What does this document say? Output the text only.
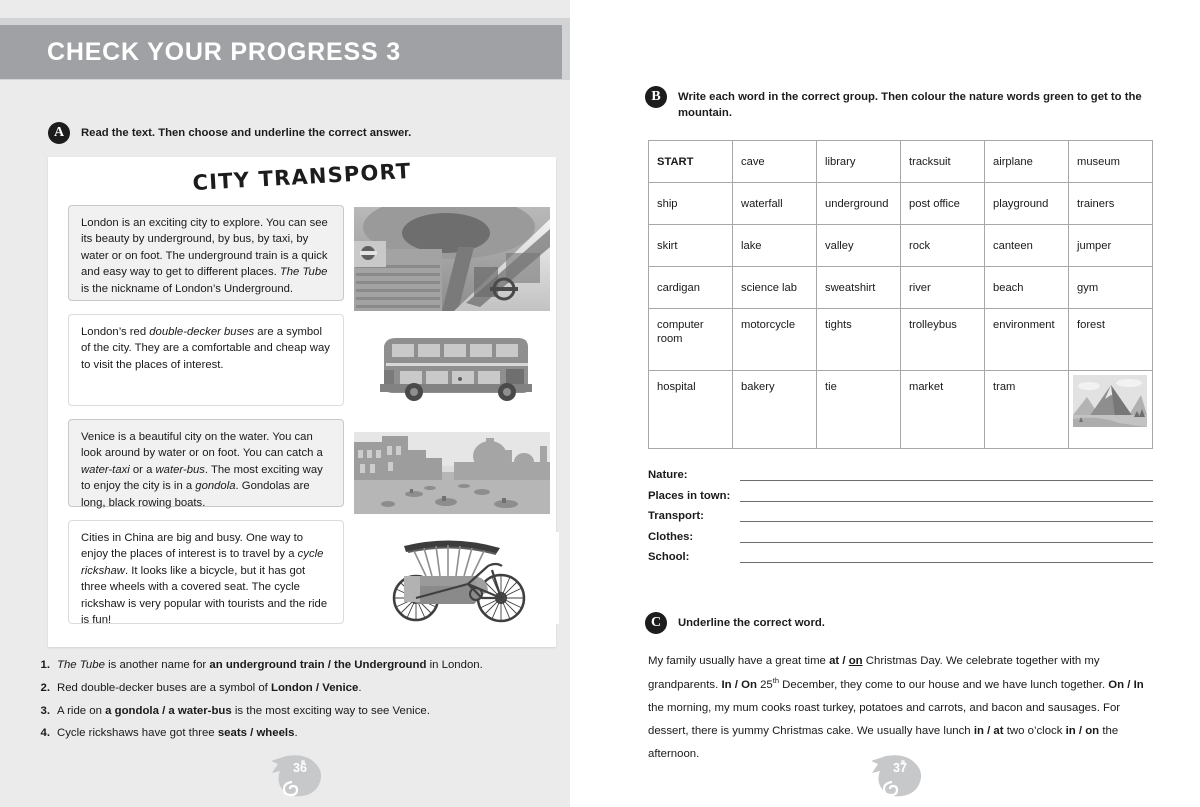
CHECK YOUR PROGRESS 3
A	Read the text. Then choose and underline the correct answer.
CITY TRANSPORT
London is an exciting city to explore. You can see its beauty by underground, by bus, by taxi, by water or on foot. The underground train is a quick and easy way to get to different places. The Tube is the nickname of London’s Underground.
London’s red double-decker buses are a symbol of the city. They are a comfortable and cheap way to visit the places of interest.
Venice is a beautiful city on the water. You can look around by water or on foot. You can catch a water-taxi or a water-bus. The most exciting way to enjoy the city is in a gondola. Gondolas are long, black rowing boats.
Cities in China are big and busy. One way to enjoy the places of interest is to travel by a cycle rickshaw. It looks like a bicycle, but it has got three wheels with a covered seat. The cycle rickshaw is very popular with tourists and the ride is fun!
1. The Tube is another name for an underground train / the Underground in London.
2. Red double-decker buses are a symbol of London / Venice.
3. A ride on a gondola / a water-bus is the most exciting way to see Venice.
4. Cycle rickshaws have got three seats / wheels.
B	Write each word in the correct group. Then colour the nature words green to get to the mountain.
START	cave	library	tracksuit	airplane	museum
ship	waterfall	underground	post office	playground	trainers
skirt	lake	valley	rock	canteen	jumper
cardigan	science lab	sweatshirt	river	beach	gym
computer room	motorcycle	tights	trolleybus	environment	forest
hospital	bakery	tie	market	tram	
Nature:
Places in town:
Transport:
Clothes:
School:
C	Underline the correct word.
My family usually have a great time at / on Christmas Day. We celebrate together with my grandparents. In / On 25th December, they come to our house and we have lunch together. On / In the morning, my mum cooks roast turkey, potatoes and carrots, and bacon and sausages. For dessert, there is yummy Christmas cake. We usually have lunch in / at two o’clock in / on the afternoon.
36	37
